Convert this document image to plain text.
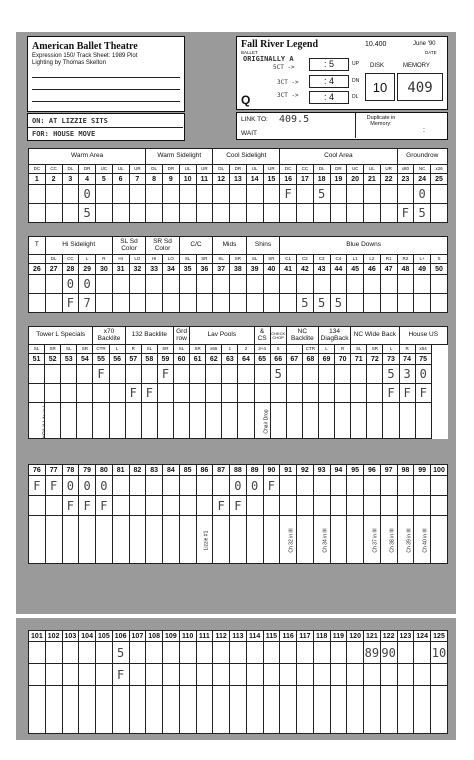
American Ballet Theatre
Expression 150/ Track Sheet: 1989 Plot
Lighting by Thomas Skelton
ON: AT LIZZIE SITS
FOR: HOUSE MOVE
Fall River Legend	10.400	June '90
BALLET	DATE
ORIGINALLY A
Q
5CT ->
3CT ->
3CT ->
: 5
: 4
: 4
UP
DN
DL
DISK	MEMORY
10	409
LINK TO: 409.5
WAIT
Duplicate in Memory:
:
Warm Area							Warm Sidelight				Cool Sidelight				Cool Area							Groundrow		
DC	CC	DL	DR	UC	UL	UR	DL	DR	UL	UR	DL	DR	UL	UR	DC	CC	DL	DR	UC	UL	UR	x80	NC	x26
1	2	3	4	5	6	7	8	9	10	11	12	13	14	15	16	17	18	19	20	21	22	23	24	25
			0												F		5						0	
			5																			F	5	
T	Hi Sidelight				SL Sd Color		SR Sd Color		C/C		Mids		Shins		Blue Downs									
	DL	CC	L	R	HI	LO	HI	LO	SL	SR	SL	SR	SL	SR	C1	C2	C3	C4	L1	L2	R1	R2	L+	S
26	27	28	29	30	31	32	33	34	35	36	37	38	39	40	41	42	43	44	45	46	47	48	49	50
		0	0																					
		F	7													5	5	5						
Tower L Specials				x70 Backlite		132 Backlite			Grd row	Lav Pools				& CS	CHECK CHOP	NC Backlite		134 DiagBack		NC Wide Back			House US	
SL	SR	SL	SR	CTR	L	R	SL	SR	SL	SR	x65	1	2	3+4	5		CTR	L	R	SL	SR	L	R	x54
51	52	53	54	55	56	57	58	59	60	61	62	63	64	65	66	67	68	69	70	71	72	73	74	75
				F				F							5							5	3	0
						F	F															F	F	F
XO1 X-Lite in														Chair Drop										
76	77	78	79	80	81	82	83	84	85	86	87	88	89	90	91	92	93	94	95	96	97	98	99	100
F	F	0	0	0								0	0	F										
		F	F	F							F	F												
										Lizzie #1					Ch 32 in III		Ch 34 in III			Ch 37 in III	Ch 38 in III	Ch 39 in III	Ch 40 in III	
101	102	103	104	105	106	107	108	109	110	111	112	113	114	115	116	117	118	119	120	121	122	123	124	125
					5															89	90			10
					F																			
